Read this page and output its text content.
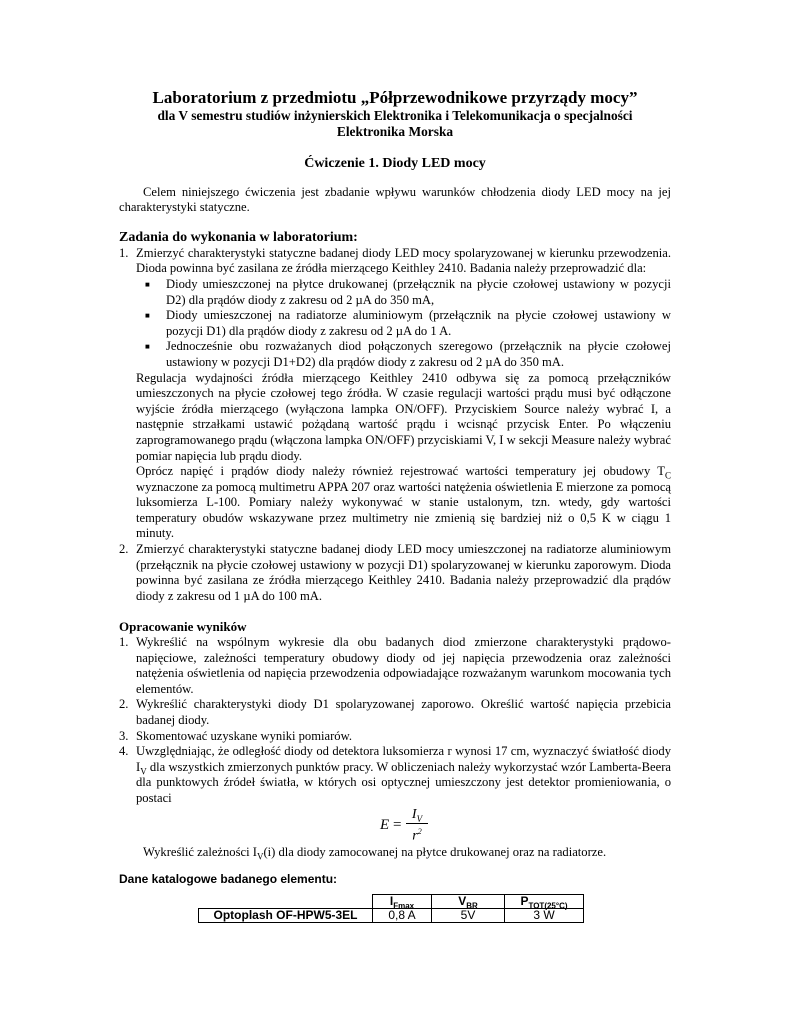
Laboratorium z przedmiotu „Półprzewodnikowe przyrządy mocy”
dla V semestru studiów inżynierskich Elektronika i Telekomunikacja o specjalności
Elektronika Morska
Ćwiczenie 1. Diody LED mocy
Celem niniejszego ćwiczenia jest zbadanie wpływu warunków chłodzenia diody LED mocy na jej charakterystyki statyczne.
Zadania do wykonania w laboratorium:
1. Zmierzyć charakterystyki statyczne badanej diody LED mocy spolaryzowanej w kierunku przewodzenia. Dioda powinna być zasilana ze źródła mierzącego Keithley 2410. Badania należy przeprowadzić dla:
■ Diody umieszczonej na płytce drukowanej (przełącznik na płycie czołowej ustawiony w pozycji D2) dla prądów diody z zakresu od 2 µA do 350 mA,
■ Diody umieszczonej na radiatorze aluminiowym (przełącznik na płycie czołowej ustawiony w pozycji D1) dla prądów diody z zakresu od 2 µA do 1 A.
■ Jednocześnie obu rozważanych diod połączonych szeregowo (przełącznik na płycie czołowej ustawiony w pozycji D1+D2) dla prądów diody z zakresu od 2 µA do 350 mA.
Regulacja wydajności źródła mierzącego Keithley 2410 odbywa się za pomocą przełączników umieszczonych na płycie czołowej tego źródła. W czasie regulacji wartości prądu musi być odłączone wyjście źródła mierzącego (wyłączona lampka ON/OFF). Przyciskiem Source należy wybrać I, a następnie strzałkami ustawić pożądaną wartość prądu i wcisnąć przycisk Enter. Po włączeniu zaprogramowanego prądu (włączona lampka ON/OFF) przyciskiami V, I w sekcji Measure należy wybrać pomiar napięcia lub prądu diody.
Oprócz napięć i prądów diody należy również rejestrować wartości temperatury jej obudowy $T_C$ wyznaczone za pomocą multimetru APPA 207 oraz wartości natężenia oświetlenia E mierzone za pomocą luksomierza L-100. Pomiary należy wykonywać w stanie ustalonym, tzn. wtedy, gdy wartości temperatury obudów wskazywane przez multimetry nie zmienią się bardziej niż o 0,5 K w ciągu 1 minuty.
2. Zmierzyć charakterystyki statyczne badanej diody LED mocy umieszczonej na radiatorze aluminiowym (przełącznik na płycie czołowej ustawiony w pozycji D1) spolaryzowanej w kierunku zaporowym. Dioda powinna być zasilana ze źródła mierzącego Keithley 2410. Badania należy przeprowadzić dla prądów diody z zakresu od 1 µA do 100 mA.
Opracowanie wyników
1. Wykreślić na wspólnym wykresie dla obu badanych diod zmierzone charakterystyki prądowo-napięciowe, zależności temperatury obudowy diody od jej napięcia przewodzenia oraz zależności natężenia oświetlenia od napięcia przewodzenia odpowiadające rozważanym warunkom mocowania tych elementów.
2. Wykreślić charakterystyki diody D1 spolaryzowanej zaporowo. Określić wartość napięcia przebicia badanej diody.
3. Skomentować uzyskane wyniki pomiarów.
4. Uwzględniając, że odległość diody od detektora luksomierza r wynosi 17 cm, wyznaczyć światłość diody $I_V$ dla wszystkich zmierzonych punktów pracy. W obliczeniach należy wykorzystać wzór Lamberta-Beera dla punktowych źródeł światła, w których osi optycznej umieszczony jest detektor promieniowania, o postaci
$E = \frac{I_V}{r^2}$
Wykreślić zależności $I_V(i)$ dla diody zamocowanej na płytce drukowanej oraz na radiatorze.
Dane katalogowe badanego elementu:
	$I_{Fmax}$	$V_{BR}$	$P_{TOT(25^\circ C)}$
Optoplash OF-HPW5-3EL	0,8 A	5V	3 W
